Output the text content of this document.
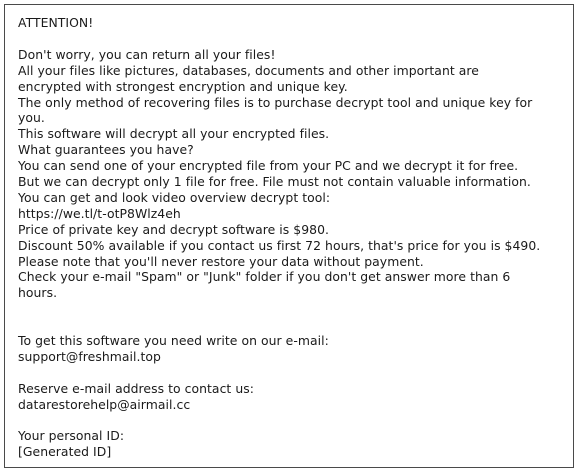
ATTENTION!
Don't worry, you can return all your files!
All your files like pictures, databases, documents and other important are
encrypted with strongest encryption and unique key.
The only method of recovering files is to purchase decrypt tool and unique key for
you.
This software will decrypt all your encrypted files.
What guarantees you have?
You can send one of your encrypted file from your PC and we decrypt it for free.
But we can decrypt only 1 file for free. File must not contain valuable information.
You can get and look video overview decrypt tool:
https://we.tl/t-otP8Wlz4eh
Price of private key and decrypt software is $980.
Discount 50% available if you contact us first 72 hours, that's price for you is $490.
Please note that you'll never restore your data without payment.
Check your e-mail "Spam" or "Junk" folder if you don't get answer more than 6
hours.
To get this software you need write on our e-mail:
support@freshmail.top
Reserve e-mail address to contact us:
datarestorehelp@airmail.cc
Your personal ID:
[Generated ID]
